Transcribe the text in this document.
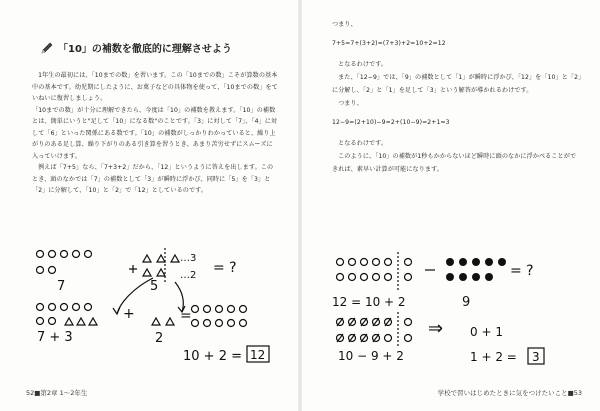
「10」の補数を徹底的に理解させよう

1年生の最初には、「10までの数」を習います。この「10までの数」こそが算数の基本中の基本です。幼児期にしたように、お菓子などの具体物を使って、「10までの数」をていねいに復習しましょう。

「10までの数」が十分に理解できたら、今度は「10」の補数を教えます。「10」の補数とは、簡単にいうと"足して「10」になる数"のことです。「3」に対して「7」、「4」に対して「6」といった関係にある数です。「10」の補数がしっかりわかっていると、繰り上がりのある足し算、繰り下がりのある引き算を習うとき、あまり苦労せずにスムーズに入っていけます。

例えば「7+5」なら、「7+3+2」だから、「12」というように答えを出します。このとき、頭のなかでは「7」の補数として「3」が瞬時に浮かび、同時に「5」を「3」と「2」に分解して、「10」と「2」で「12」としているのです。

…3
…2 = ?
7	5
7 + 3
+	=
2
10 + 2 = 12
52■第2章 1～2年生

つまり、

7+5=7+(3+2)=(7+3)+2=10+2=12

となるわけです。

また、「12−9」では、「9」の補数として「1」が瞬時に浮かび、「12」を「10」と「2」に分解し、「2」と「1」を足して「3」という解答が導かれるわけです。

つまり、

12−9=(2+10)−9=2+(10−9)=2+1=3

となるわけです。

このように、「10」の補数が1秒もかからないほど瞬時に頭のなかに浮かべることができれば、素早い計算が可能になります。

= ?
12 = 10 + 2	9
⇒ 0 + 1
10 − 9 + 2	1 + 2 = 3
学校で習いはじめたときに気をつけたいこと■53
